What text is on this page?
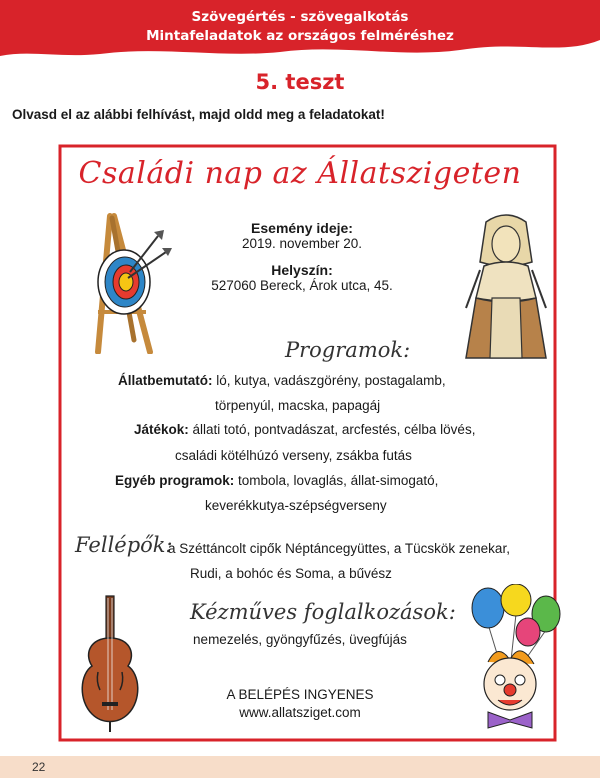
Szövegértés - szövegalkotás
Mintafeladatok az országos felméréshez
5. teszt
Olvasd el az alábbi felhívást, majd oldd meg a feladatokat!
Családi nap az Állatszigeten
Esemény ideje:
2019. november 20.
Helyszín:
527060 Bereck, Árok utca, 45.
Programok:
Állatbemutató: ló, kutya, vadászgörény, postagalamb,
törpenyúl, macska, papagáj
Játékok: állati totó, pontvadászat, arcfestés, célba lövés,
családi kötélhúzó verseny, zsákba futás
Egyéb programok: tombola, lovaglás, állat-simogató,
keverékkutya-szépségverseny
Fellépők:
a Széttáncolt cipők Néptáncegyüttes, a Tücskök zenekar,
Rudi, a bohóc és Soma, a bűvész
Kézműves foglalkozások:
nemezelés, gyöngyfűzés, üvegfújás
A BELÉPÉS INGYENES
www.allatsziget.com
22
